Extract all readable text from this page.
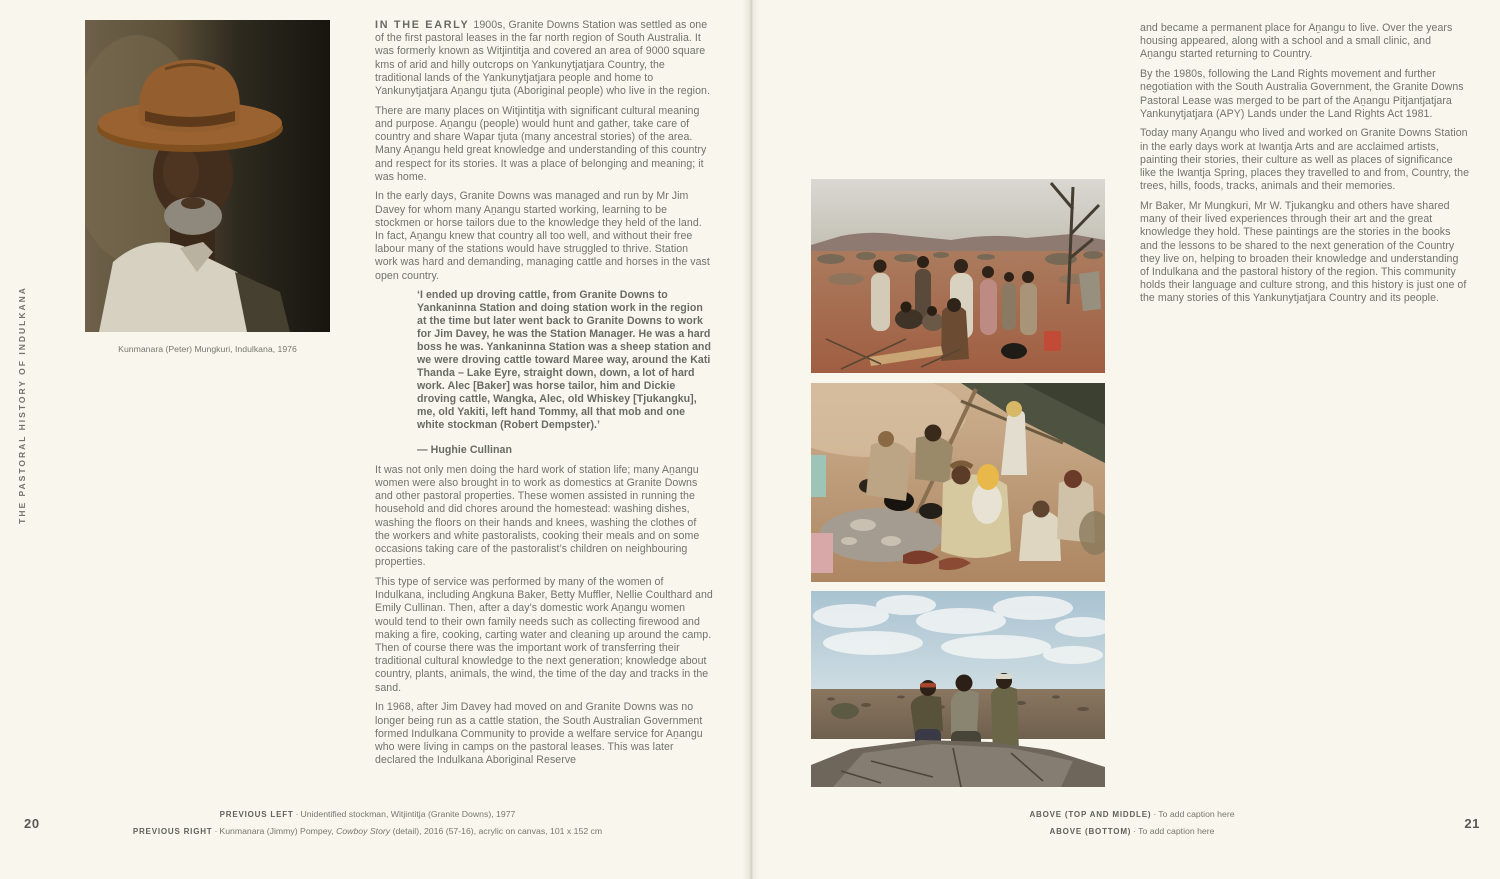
THE PASTORAL HISTORY OF INDULKANA	Kunmanara (Peter) Mungkuri, Indulkana, 1976

IN THE EARLY 1900s, Granite Downs Station was settled as one of the first pastoral leases in the far north region of South Australia. It was formerly known as Witjintitja and covered an area of 9000 square kms of arid and hilly outcrops on Yankunytjatjara Country, the traditional lands of the Yankunytjatjara people and home to Yankunytjatjara Aṉangu tjuta (Aboriginal people) who live in the region.

There are many places on Witjintitja with significant cultural meaning and purpose. Aṉangu (people) would hunt and gather, take care of country and share Wapar tjuta (many ancestral stories) of the area. Many Aṉangu held great knowledge and understanding of this country and respect for its stories. It was a place of belonging and meaning; it was home.

In the early days, Granite Downs was managed and run by Mr Jim Davey for whom many Aṉangu started working, learning to be stockmen or horse tailors due to the knowledge they held of the land. In fact, Aṉangu knew that country all too well, and without their free labour many of the stations would have struggled to thrive. Station work was hard and demanding, managing cattle and horses in the vast open country.

‘I ended up droving cattle, from Granite Downs to Yankaninna Station and doing station work in the region at the time but later went back to Granite Downs to work for Jim Davey, he was the Station Manager. He was a hard boss he was. Yankaninna Station was a sheep station and we were droving cattle toward Maree way, around the Kati Thanda – Lake Eyre, straight down, down, a lot of hard work. Alec [Baker] was horse tailor, him and Dickie droving cattle, Wangka, Alec, old Whiskey [Tjukangku], me, old Yakiti, left hand Tommy, all that mob and one white stockman (Robert Dempster).’

— Hughie Cullinan

It was not only men doing the hard work of station life; many Aṉangu women were also brought in to work as domestics at Granite Downs and other pastoral properties. These women assisted in running the household and did chores around the homestead: washing dishes, washing the floors on their hands and knees, washing the clothes of the workers and white pastoralists, cooking their meals and on some occasions taking care of the pastoralist’s children on neighbouring properties.

This type of service was performed by many of the women of Indulkana, including Angkuna Baker, Betty Muffler, Nellie Coulthard and Emily Cullinan. Then, after a day’s domestic work Aṉangu women would tend to their own family needs such as collecting firewood and making a fire, cooking, carting water and cleaning up around the camp. Then of course there was the important work of transferring their traditional cultural knowledge to the next generation; knowledge about country, plants, animals, the wind, the time of the day and tracks in the sand.

In 1968, after Jim Davey had moved on and Granite Downs was no longer being run as a cattle station, the South Australian Government formed Indulkana Community to provide a welfare service for Aṉangu who were living in camps on the pastoral leases. This was later declared the Indulkana Aboriginal Reserve

PREVIOUS LEFT · Unidentified stockman, Witjintitja (Granite Downs), 1977
PREVIOUS RIGHT · Kunmanara (Jimmy) Pompey, Cowboy Story (detail), 2016 (57-16), acrylic on canvas, 101 x 152 cm
20

and became a permanent place for Aṉangu to live. Over the years housing appeared, along with a school and a small clinic, and Aṉangu started returning to Country.

By the 1980s, following the Land Rights movement and further negotiation with the South Australia Government, the Granite Downs Pastoral Lease was merged to be part of the Aṉangu Pitjantjatjara Yankunytjatjara (APY) Lands under the Land Rights Act 1981.

Today many Aṉangu who lived and worked on Granite Downs Station in the early days work at Iwantja Arts and are acclaimed artists, painting their stories, their culture as well as places of significance like the Iwantja Spring, places they travelled to and from, Country, the trees, hills, foods, tracks, animals and their memories.

Mr Baker, Mr Mungkuri, Mr W. Tjukangku and others have shared many of their lived experiences through their art and the great knowledge they hold. These paintings are the stories in the books and the lessons to be shared to the next generation of the Country they live on, helping to broaden their knowledge and understanding of Indulkana and the pastoral history of the region. This community holds their language and culture strong, and this history is just one of the many stories of this Yankunytjatjara Country and its people.

ABOVE (TOP AND MIDDLE) · To add caption here
ABOVE (BOTTOM) · To add caption here	21
